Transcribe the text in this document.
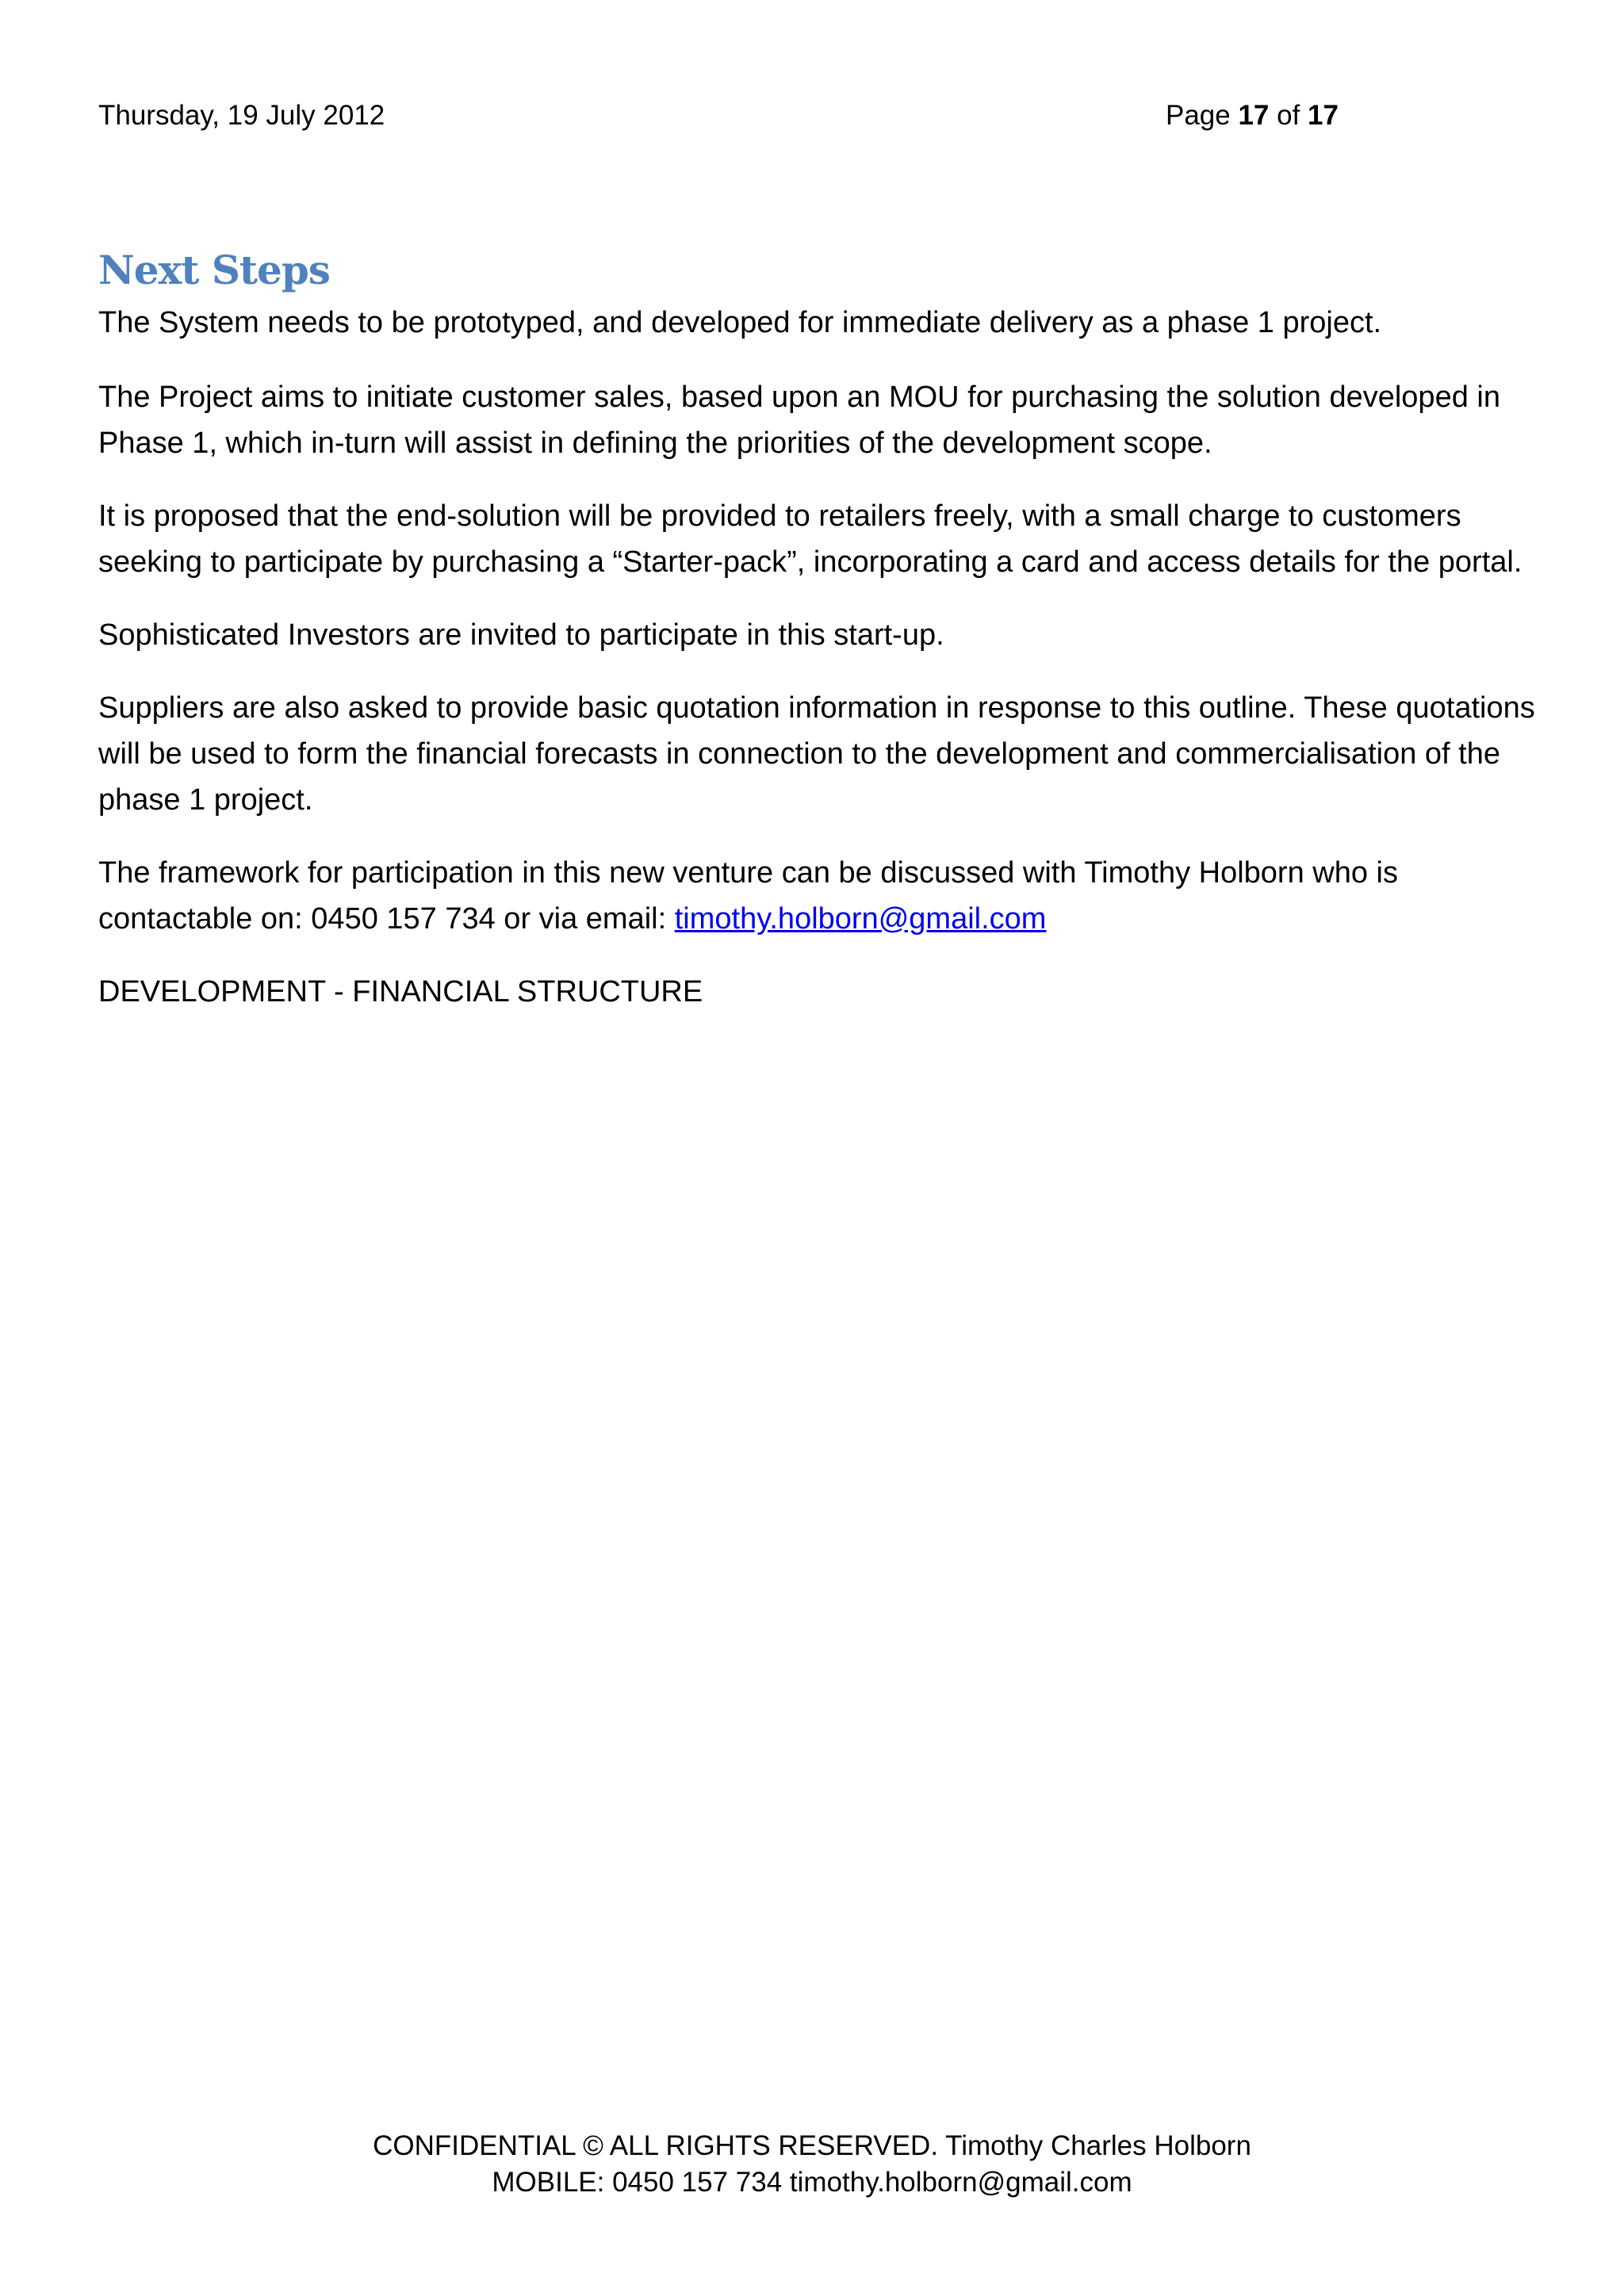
Thursday, 19 July 2012	Page 17 of 17
Next Steps

The System needs to be prototyped, and developed for immediate delivery as a phase 1 project.

The Project aims to initiate customer sales, based upon an MOU for purchasing the solution developed in Phase 1, which in-turn will assist in defining the priorities of the development scope.

It is proposed that the end-solution will be provided to retailers freely, with a small charge to customers seeking to participate by purchasing a “Starter-pack”, incorporating a card and access details for the portal.

Sophisticated Investors are invited to participate in this start-up.

Suppliers are also asked to provide basic quotation information in response to this outline. These quotations will be used to form the financial forecasts in connection to the development and commercialisation of the phase 1 project.

The framework for participation in this new venture can be discussed with Timothy Holborn who is contactable on: 0450 157 734 or via email: timothy.holborn@gmail.com

DEVELOPMENT - FINANCIAL STRUCTURE

CONFIDENTIAL © ALL RIGHTS RESERVED. Timothy Charles Holborn
MOBILE: 0450 157 734 timothy.holborn@gmail.com
